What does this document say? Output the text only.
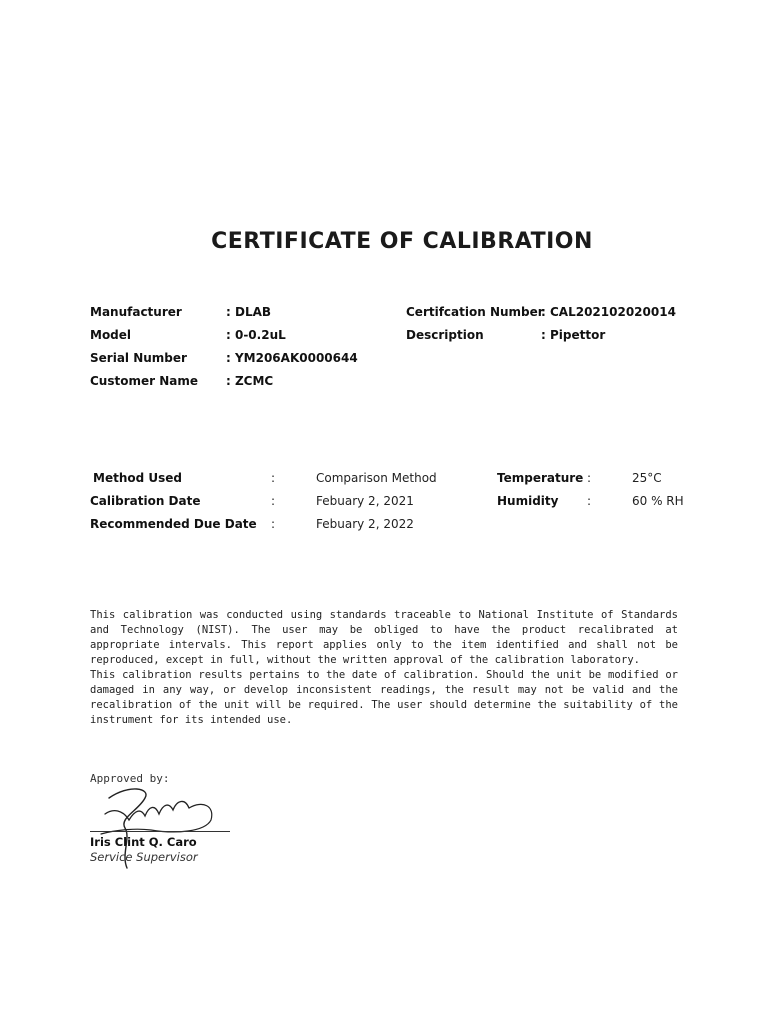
CERTIFICATE OF CALIBRATION
Manufacturer	: DLAB
Model	: 0-0.2uL
Serial Number	: YM206AK0000644
Customer Name : ZCMC
Certifcation Number
: CAL202102020014
Description	: Pipettor
Method Used	:	Comparison Method
Calibration Date	:	Febuary 2, 2021
Recommended Due Date :	Febuary 2, 2022
Temperature :	25°C
Humidity :	60 % RH

This calibration was conducted using standards traceable to National Institute of Standards and Technology (NIST). The user may be obliged to have the product recalibrated at appropriate intervals. This report applies only to the item identified and shall not be reproduced, except in full, without the written approval of the calibration laboratory.

This calibration results pertains to the date of calibration. Should the unit be modified or damaged in any way, or develop inconsistent readings, the result may not be valid and the recalibration of the unit will be required. The user should determine the suitability of the instrument for its intended use.

Approved by:
Iris Clint Q. Caro
Service Supervisor
